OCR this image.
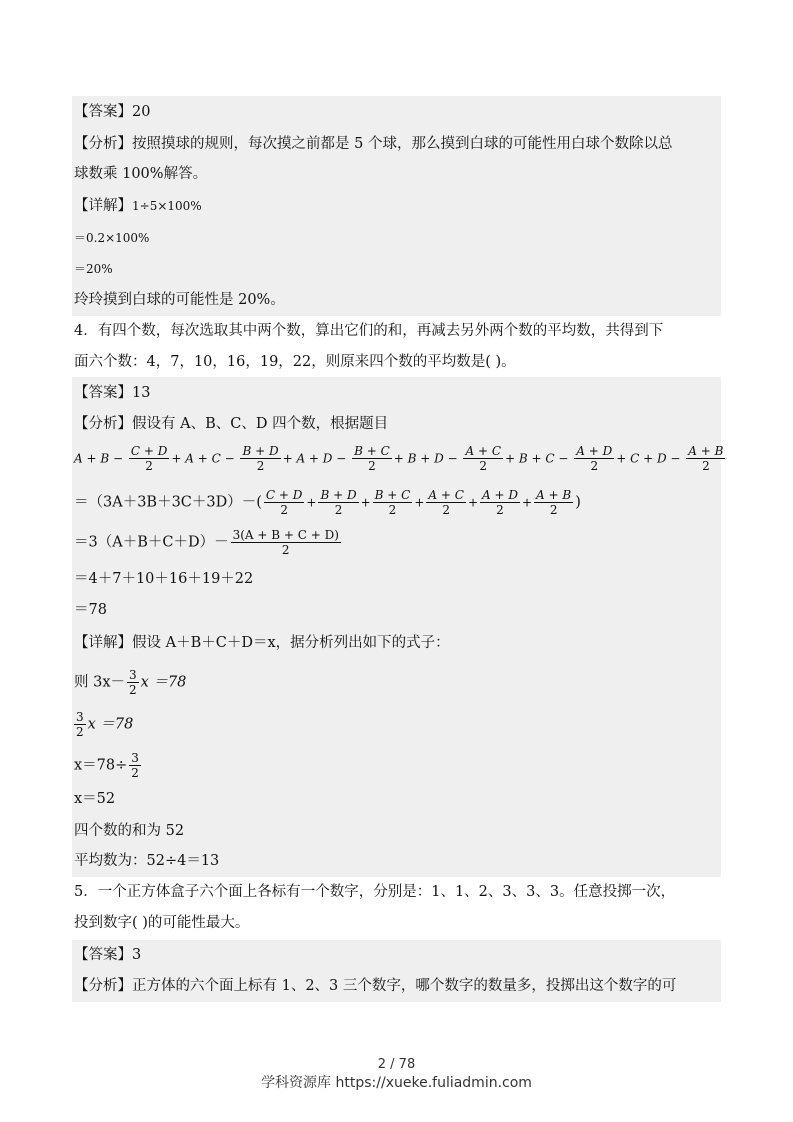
【答案】20
【分析】按照摸球的规则，每次摸之前都是 5 个球，那么摸到白球的可能性用白球个数除以总
球数乘 100%解答。
【详解】1÷5×100%
＝0.2×100%
＝20%
玲玲摸到白球的可能性是 20%。
4．有四个数，每次选取其中两个数，算出它们的和，再减去另外两个数的平均数，共得到下
面六个数：4，7，10，16，19，22，则原来四个数的平均数是( )。
【答案】13
【分析】假设有 A、B、C、D 四个数，根据题目
$A + B - \frac{C + D}{2} + A + C - \frac{B + D}{2} + A + D - \frac{B + C}{2} + B + D - \frac{A + C}{2} + B + C - \frac{A + D}{2} + C + D - \frac{A + B}{2}$
$=(3A+3B+3C+3D)-( \frac{C + D}{2} + \frac{B + D}{2} + \frac{B + C}{2} + \frac{A + C}{2} + \frac{A + D}{2} + \frac{A + B}{2}$ )
$=3(A+B+C+D)- \frac{3(A + B + C + D)}{2}$
＝4＋7＋10＋16＋19＋22
＝78
【详解】假设 A＋B＋C＋D＝x，据分析列出如下的式子：
则 $3x- \frac{3}{2}$ x ＝78
$\frac{3}{2}$ x ＝78
$x=78\div \frac{3}{2}$
x＝52
四个数的和为 52
平均数为：52÷4＝13
5．一个正方体盒子六个面上各标有一个数字，分别是：1、1、2、3、3、3。任意投掷一次，
投到数字( )的可能性最大。
【答案】3
【分析】正方体的六个面上标有 1、2、3 三个数字，哪个数字的数量多，投掷出这个数字的可
2 / 78
学科资源库 https://xueke.fuliadmin.com
